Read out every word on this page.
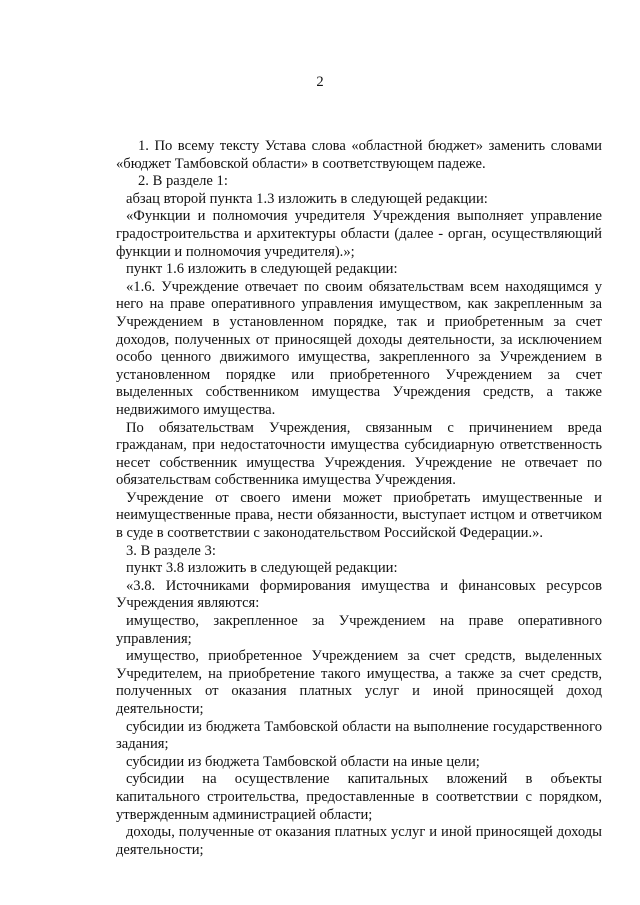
2

1. По всему тексту Устава слова «областной бюджет» заменить словами «бюджет Тамбовской области» в соответствующем падеже.

2. В разделе 1:

абзац второй пункта 1.3 изложить в следующей редакции:

«Функции и полномочия учредителя Учреждения выполняет управление градостроительства и архитектуры области (далее - орган, осуществляющий функции и полномочия учредителя).»;

пункт 1.6 изложить в следующей редакции:

«1.6. Учреждение отвечает по своим обязательствам всем находящимся у него на праве оперативного управления имуществом, как закрепленным за Учреждением в установленном порядке, так и приобретенным за счет доходов, полученных от приносящей доходы деятельности, за исключением особо ценного движимого имущества, закрепленного за Учреждением в установленном порядке или приобретенного Учреждением за счет выделенных собственником имущества Учреждения средств, а также недвижимого имущества.

По обязательствам Учреждения, связанным с причинением вреда гражданам, при недостаточности имущества субсидиарную ответственность несет собственник имущества Учреждения. Учреждение не отвечает по обязательствам собственника имущества Учреждения.

Учреждение от своего имени может приобретать имущественные и неимущественные права, нести обязанности, выступает истцом и ответчиком в суде в соответствии с законодательством Российской Федерации.».

3. В разделе 3:

пункт 3.8 изложить в следующей редакции:

«3.8. Источниками формирования имущества и финансовых ресурсов Учреждения являются:

имущество, закрепленное за Учреждением на праве оперативного управления;

имущество, приобретенное Учреждением за счет средств, выделенных Учредителем, на приобретение такого имущества, а также за счет средств, полученных от оказания платных услуг и иной приносящей доход деятельности;

субсидии из бюджета Тамбовской области на выполнение государственного задания;

субсидии из бюджета Тамбовской области на иные цели;

субсидии на осуществление капитальных вложений в объекты капитального строительства, предоставленные в соответствии с порядком, утвержденным администрацией области;

доходы, полученные от оказания платных услуг и иной приносящей доходы деятельности;
